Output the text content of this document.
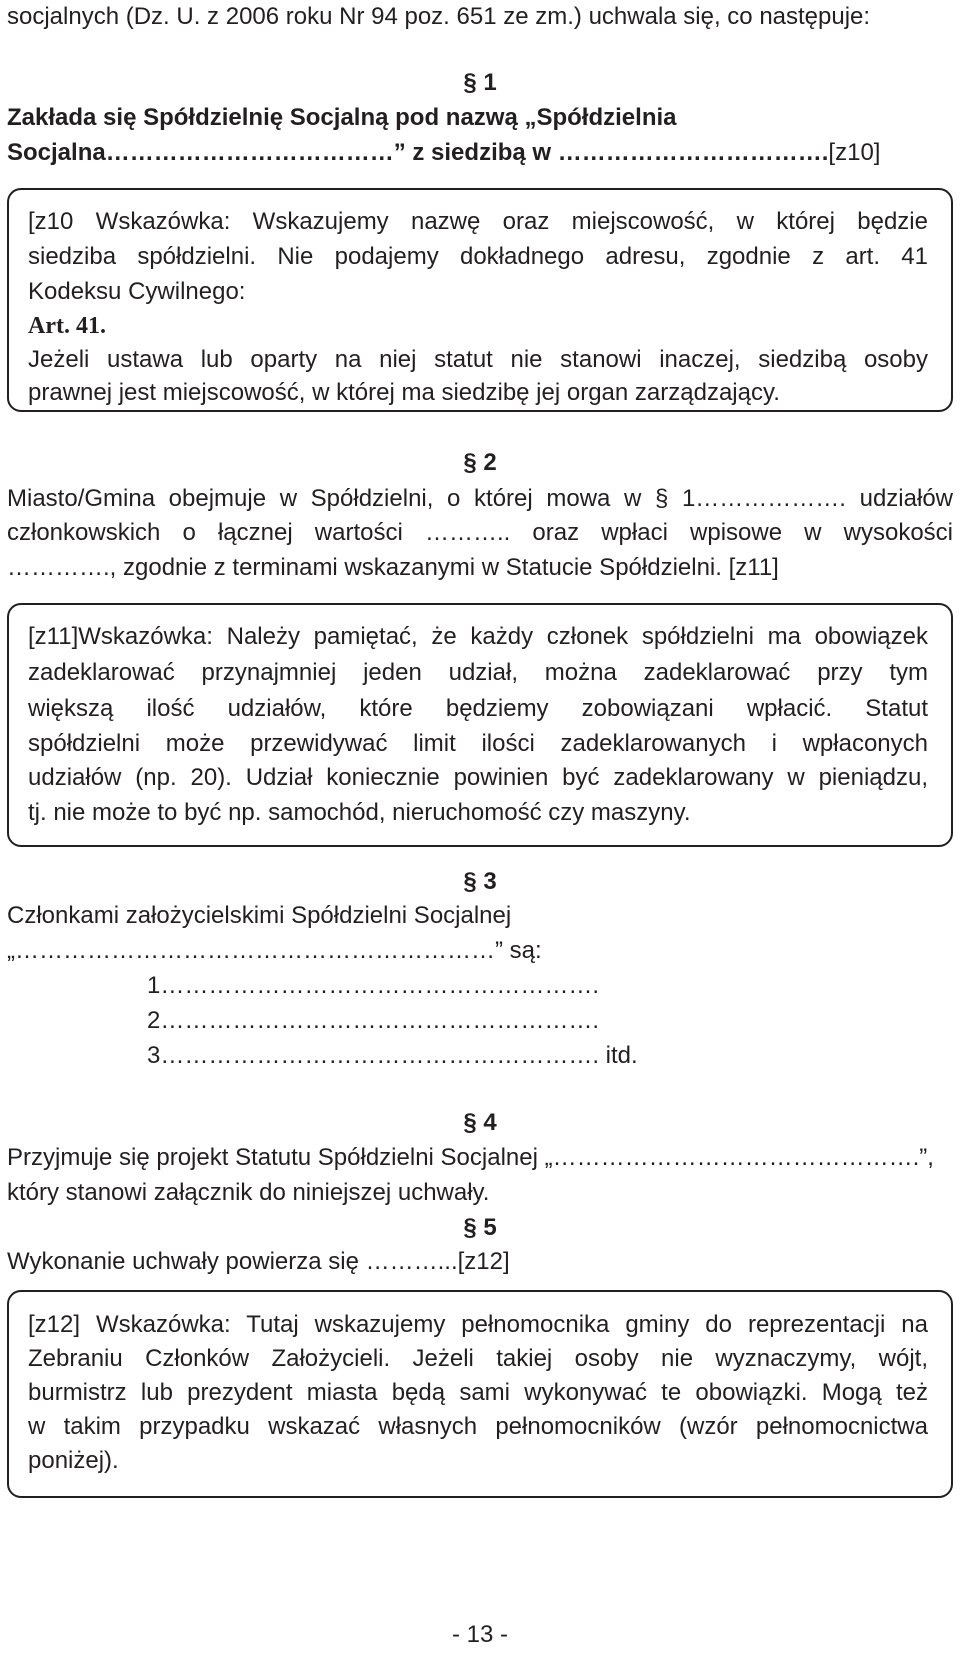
socjalnych (Dz. U. z 2006 roku Nr 94 poz. 651 ze zm.) uchwala się, co następuje:
§ 1
Zakłada się Spółdzielnię Socjalną pod nazwą „Spółdzielnia
Socjalna………………………………” z siedzibą w …………………………….[z10]
[z10 Wskazówka: Wskazujemy nazwę oraz miejscowość, w której będzie
siedziba spółdzielni. Nie podajemy dokładnego adresu, zgodnie z art. 41
Kodeksu Cywilnego:
Art. 41.
Jeżeli ustawa lub oparty na niej statut nie stanowi inaczej, siedzibą osoby
prawnej jest miejscowość, w której ma siedzibę jej organ zarządzający.
§ 2
Miasto/Gmina obejmuje w Spółdzielni, o której mowa w § 1………………. udziałów
członkowskich o łącznej wartości ……….. oraz wpłaci wpisowe w wysokości
…………., zgodnie z terminami wskazanymi w Statucie Spółdzielni. [z11]
[z11]Wskazówka: Należy pamiętać, że każdy członek spółdzielni ma obowiązek
zadeklarować przynajmniej jeden udział, można zadeklarować przy tym
większą ilość udziałów, które będziemy zobowiązani wpłacić. Statut
spółdzielni może przewidywać limit ilości zadeklarowanych i wpłaconych
udziałów (np. 20). Udział koniecznie powinien być zadeklarowany w pieniądzu,
tj. nie może to być np. samochód, nieruchomość czy maszyny.
§ 3
Członkami założycielskimi Spółdzielni Socjalnej
„……………………………………………………” są:
1……………………………………………….
2……………………………………………….
3………………………………………………. itd.
§ 4
Przyjmuje się projekt Statutu Spółdzielni Socjalnej „……………………………………….”,
który stanowi załącznik do niniejszej uchwały.
§ 5
Wykonanie uchwały powierza się ………...[z12]
[z12] Wskazówka: Tutaj wskazujemy pełnomocnika gminy do reprezentacji na
Zebraniu Członków Założycieli. Jeżeli takiej osoby nie wyznaczymy, wójt,
burmistrz lub prezydent miasta będą sami wykonywać te obowiązki. Mogą też
w takim przypadku wskazać własnych pełnomocników (wzór pełnomocnictwa
poniżej).
- 13 -
